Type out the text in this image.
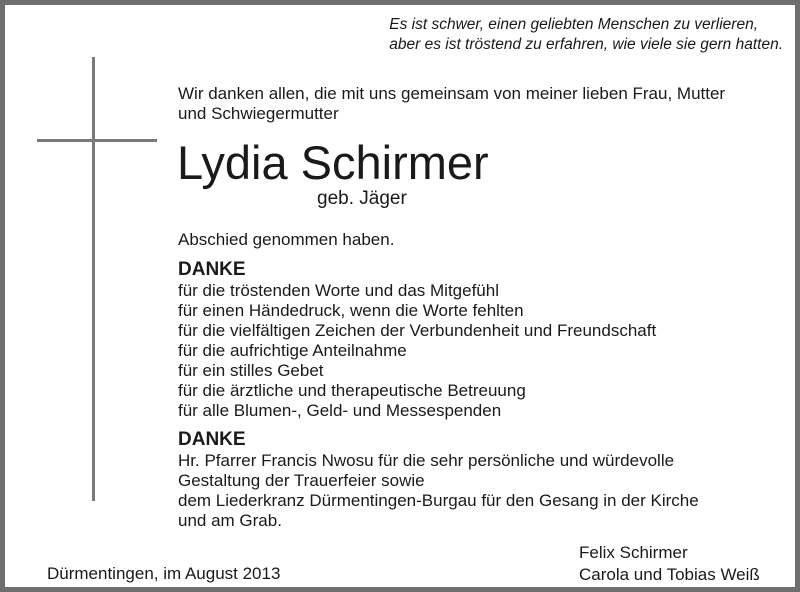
Es ist schwer, einen geliebten Menschen zu verlieren,
aber es ist tröstend zu erfahren, wie viele sie gern hatten.
Wir danken allen, die mit uns gemeinsam von meiner lieben Frau, Mutter
und Schwiegermutter
Lydia Schirmer
geb. Jäger
Abschied genommen haben.
DANKE
für die tröstenden Worte und das Mitgefühl
für einen Händedruck, wenn die Worte fehlten
für die vielfältigen Zeichen der Verbundenheit und Freundschaft
für die aufrichtige Anteilnahme
für ein stilles Gebet
für die ärztliche und therapeutische Betreuung
für alle Blumen-, Geld- und Messespenden
DANKE
Hr. Pfarrer Francis Nwosu für die sehr persönliche und würdevolle
Gestaltung der Trauerfeier sowie
dem Liederkranz Dürmentingen-Burgau für den Gesang in der Kirche
und am Grab.
Dürmentingen, im August 2013
Felix Schirmer
Carola und Tobias Weiß
